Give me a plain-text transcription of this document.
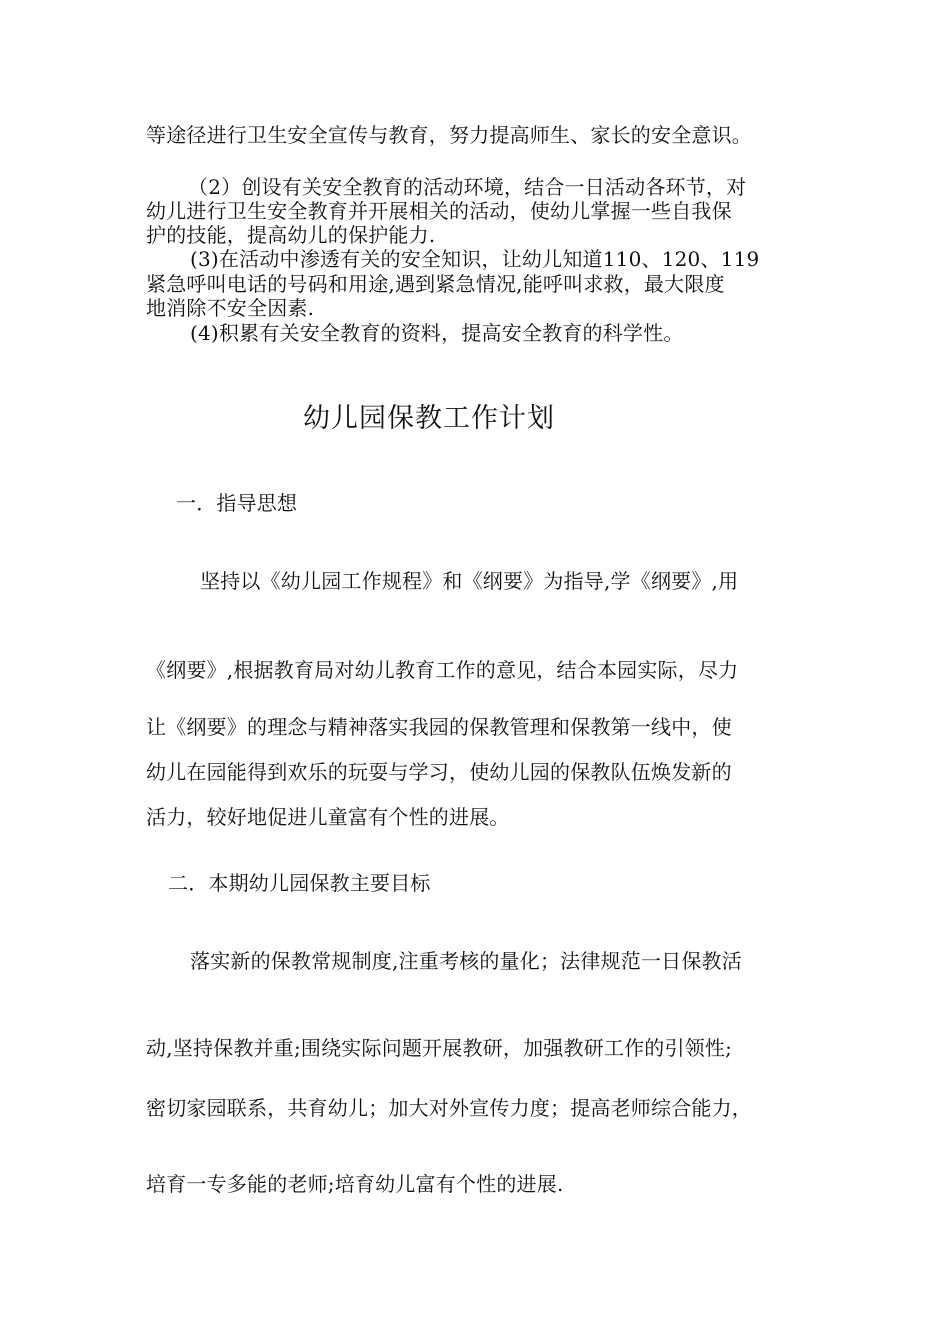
等途径进行卫生安全宣传与教育，努力提高师生、家长的安全意识。
（2）创设有关安全教育的活动环境，结合一日活动各环节，对
幼儿进行卫生安全教育并开展相关的活动，使幼儿掌握一些自我保
护的技能，提高幼儿的保护能力.
(3)在活动中渗透有关的安全知识，让幼儿知道110、120、119
紧急呼叫电话的号码和用途,遇到紧急情况,能呼叫求救，最大限度
地消除不安全因素.
(4)积累有关安全教育的资料，提高安全教育的科学性。
幼儿园保教工作计划
一．指导思想
坚持以《幼儿园工作规程》和《纲要》为指导,学《纲要》,用
《纲要》,根据教育局对幼儿教育工作的意见，结合本园实际，尽力
让《纲要》的理念与精神落实我园的保教管理和保教第一线中，使
幼儿在园能得到欢乐的玩耍与学习，使幼儿园的保教队伍焕发新的
活力，较好地促进儿童富有个性的进展。
二．本期幼儿园保教主要目标
落实新的保教常规制度,注重考核的量化；法律规范一日保教活
动,坚持保教并重;围绕实际问题开展教研，加强教研工作的引领性;
密切家园联系，共育幼儿；加大对外宣传力度；提高老师综合能力，
培育一专多能的老师;培育幼儿富有个性的进展.
